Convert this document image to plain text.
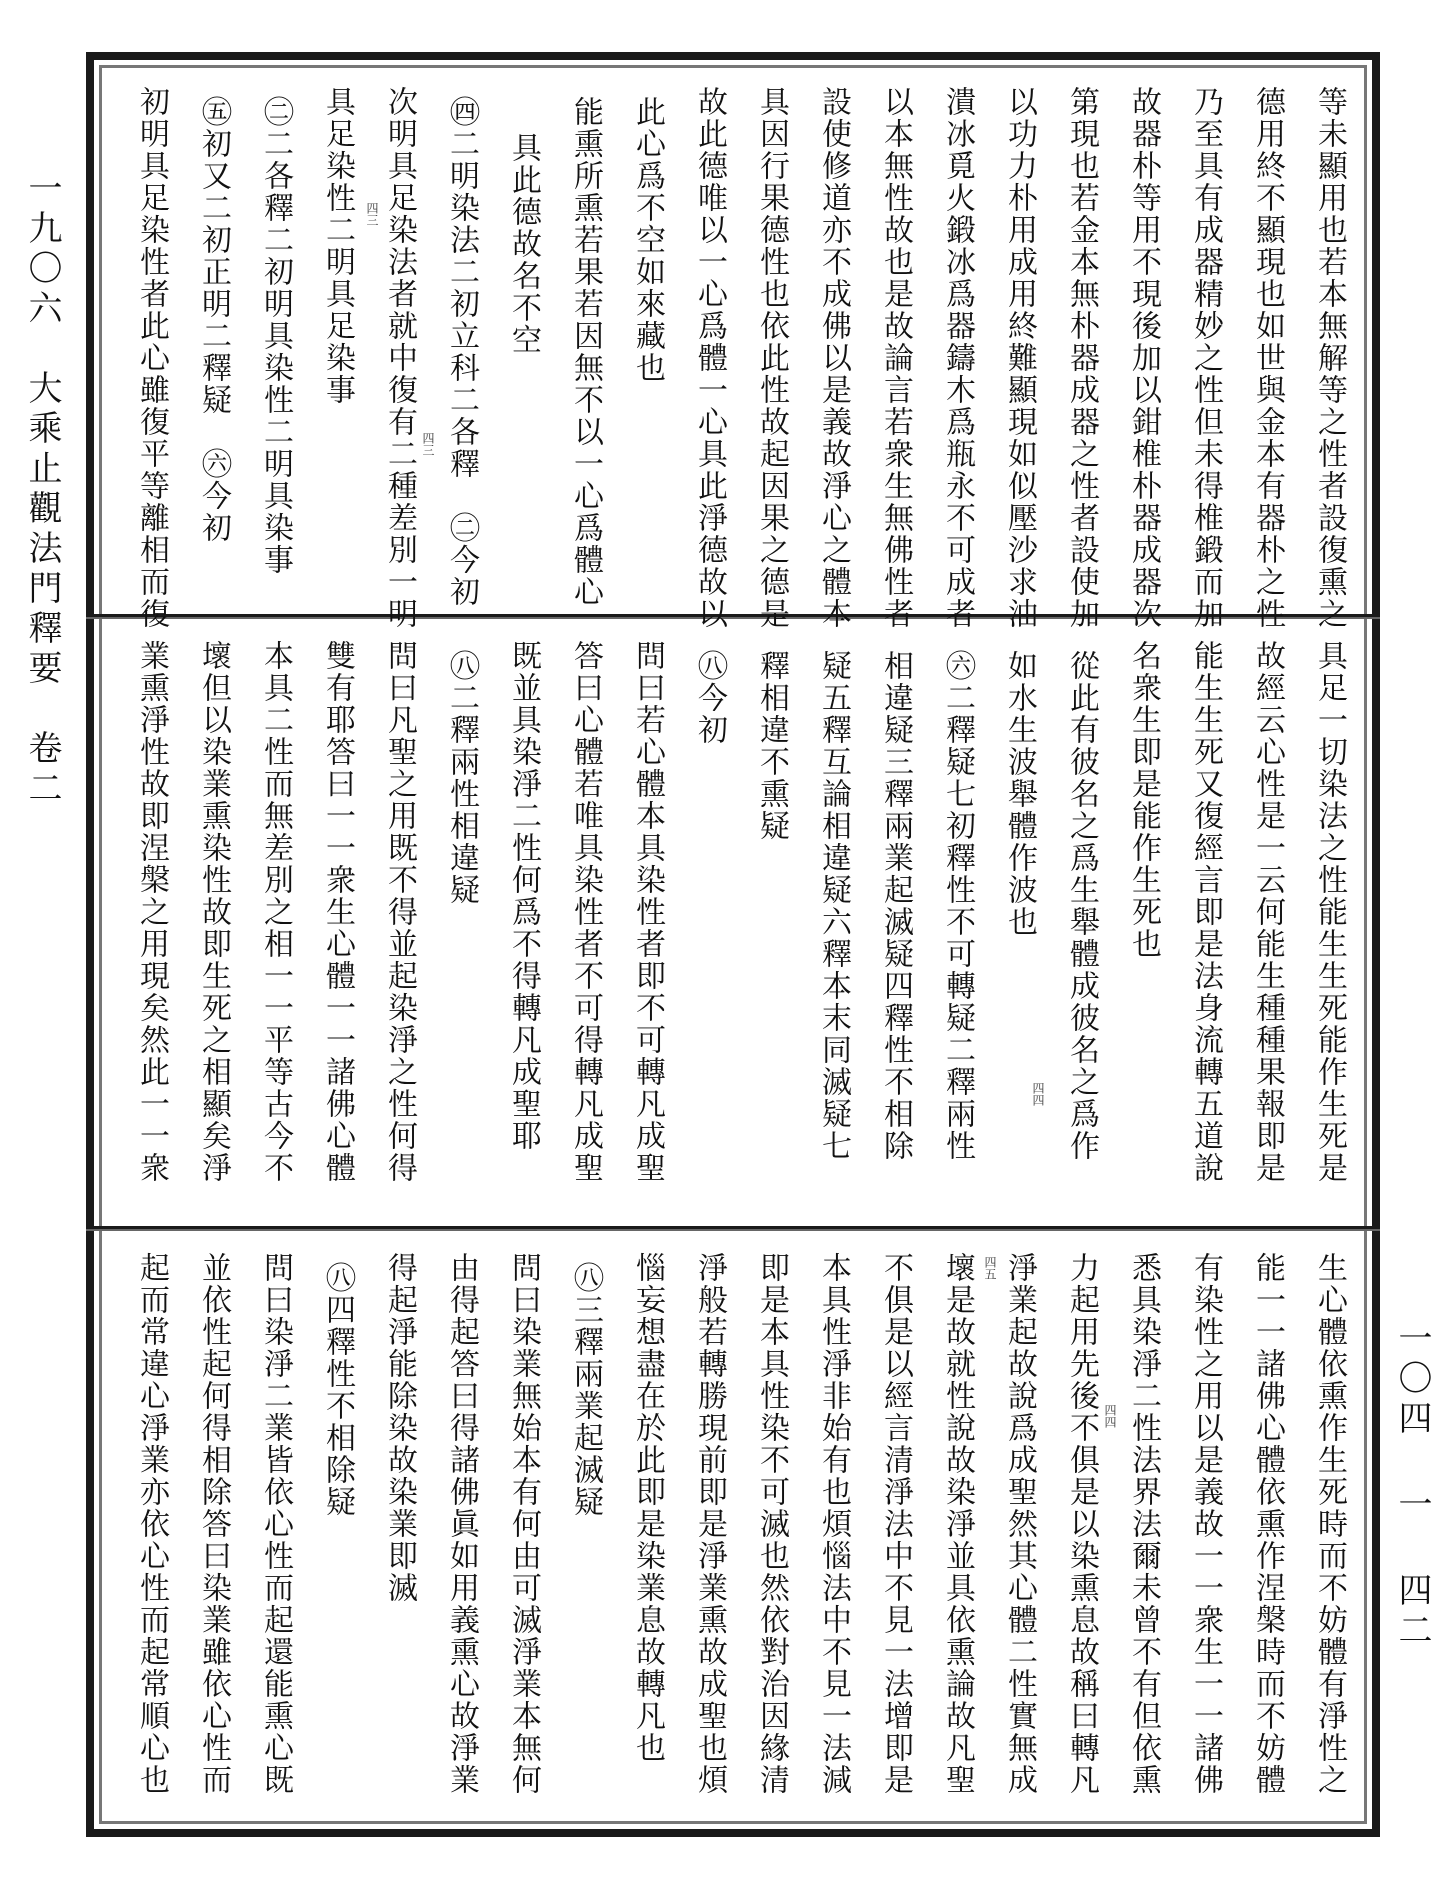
一九〇六　大乘止觀法門釋要　卷二
一〇四 一 四二
等未顯用也若本無解等之性者設復熏之
德用終不顯現也如世與金本有器朴之性
乃至具有成器精妙之性但未得椎鍛而加
故器朴等用不現後加以鉗椎朴器成器次
第現也若金本無朴器成器之性者設使加
以功力朴用成用終難顯現如似壓沙求油
潰冰覓火鍛冰爲器鑄木爲瓶永不可成者
以本無性故也是故論言若衆生無佛性者
設使修道亦不成佛以是義故淨心之體本
具因行果德性也依此性故起因果之德是
故此德唯以一心爲體一心具此淨德故以
此心爲不空如來藏也
能熏所熏若果若因無不以一心爲體心
具此德故名不空
㊃二明染法二初立科二各釋　㊁今初
次明具足染法者就中復有二種差別一明
具足染性二明具足染事
㊁二各釋二初明具染性二明具染事
㊄初又二初正明二釋疑　㊅今初
初明具足染性者此心雖復平等離相而復	四三
四三
具足一切染法之性能生生死能作生死是
故經云心性是一云何能生種種果報即是
能生生死又復經言即是法身流轉五道說
名衆生即是能作生死也
從此有彼名之爲生舉體成彼名之爲作
如水生波舉體作波也
㊅二釋疑七初釋性不可轉疑二釋兩性
相違疑三釋兩業起滅疑四釋性不相除
疑五釋互論相違疑六釋本末同滅疑七
釋相違不熏疑
㊇今初
問曰若心體本具染性者即不可轉凡成聖
答曰心體若唯具染性者不可得轉凡成聖
既並具染淨二性何爲不得轉凡成聖耶
㊇二釋兩性相違疑
問曰凡聖之用既不得並起染淨之性何得
雙有耶答曰一一衆生心體一一諸佛心體
本具二性而無差別之相一一平等古今不
壞但以染業熏染性故即生死之相顯矣淨
業熏淨性故即涅槃之用現矣然此一一衆	四四
生心體依熏作生死時而不妨體有淨性之
能一一諸佛心體依熏作涅槃時而不妨體
有染性之用以是義故一一衆生一一諸佛
悉具染淨二性法界法爾未曾不有但依熏
力起用先後不俱是以染熏息故稱曰轉凡
淨業起故說爲成聖然其心體二性實無成
壞是故就性說故染淨並具依熏論故凡聖
不俱是以經言清淨法中不見一法增即是
本具性淨非始有也煩惱法中不見一法減
即是本具性染不可滅也然依對治因緣清
淨般若轉勝現前即是淨業熏故成聖也煩
惱妄想盡在於此即是染業息故轉凡也
㊇三釋兩業起滅疑
問曰染業無始本有何由可滅淨業本無何
由得起答曰得諸佛眞如用義熏心故淨業
得起淨能除染故染業即滅
㊇四釋性不相除疑
問曰染淨二業皆依心性而起還能熏心既
並依性起何得相除答曰染業雖依心性而
起而常違心淨業亦依心性而起常順心也	四五
四四
